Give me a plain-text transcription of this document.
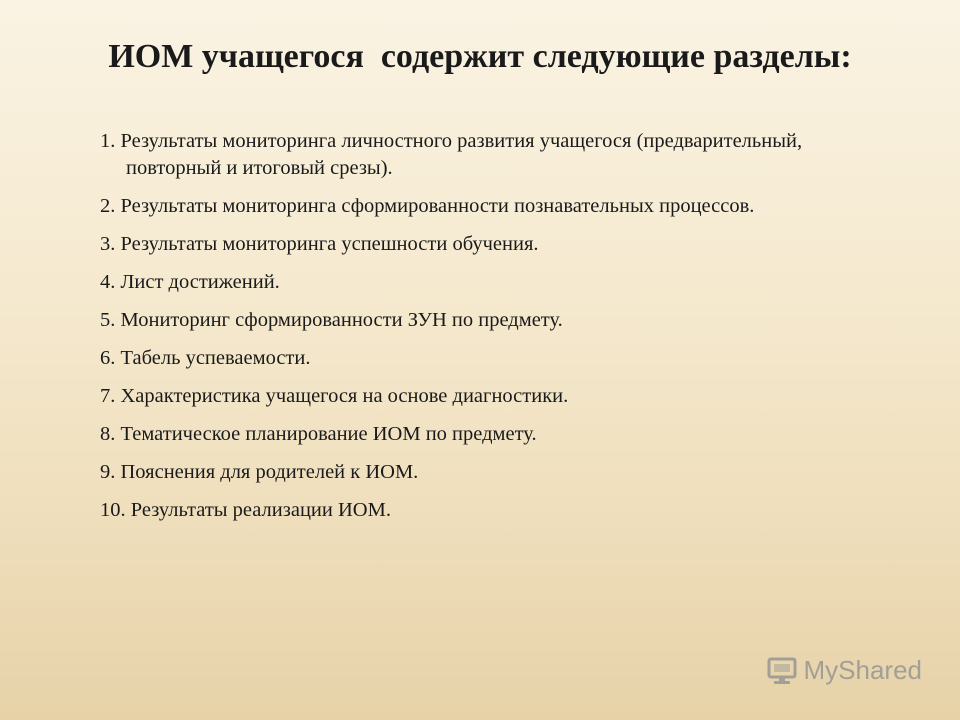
ИОМ учащегося  содержит следующие разделы:
1. Результаты мониторинга личностного развития учащегося (предварительный, повторный и итоговый срезы).
2. Результаты мониторинга сформированности познавательных процессов.
3. Результаты мониторинга успешности обучения.
4. Лист достижений.
5. Мониторинг сформированности ЗУН по предмету.
6. Табель успеваемости.
7. Характеристика учащегося на основе диагностики.
8. Тематическое планирование ИОМ по предмету.
9. Пояснения для родителей к ИОМ.
10. Результаты реализации ИОМ.
MyShared
